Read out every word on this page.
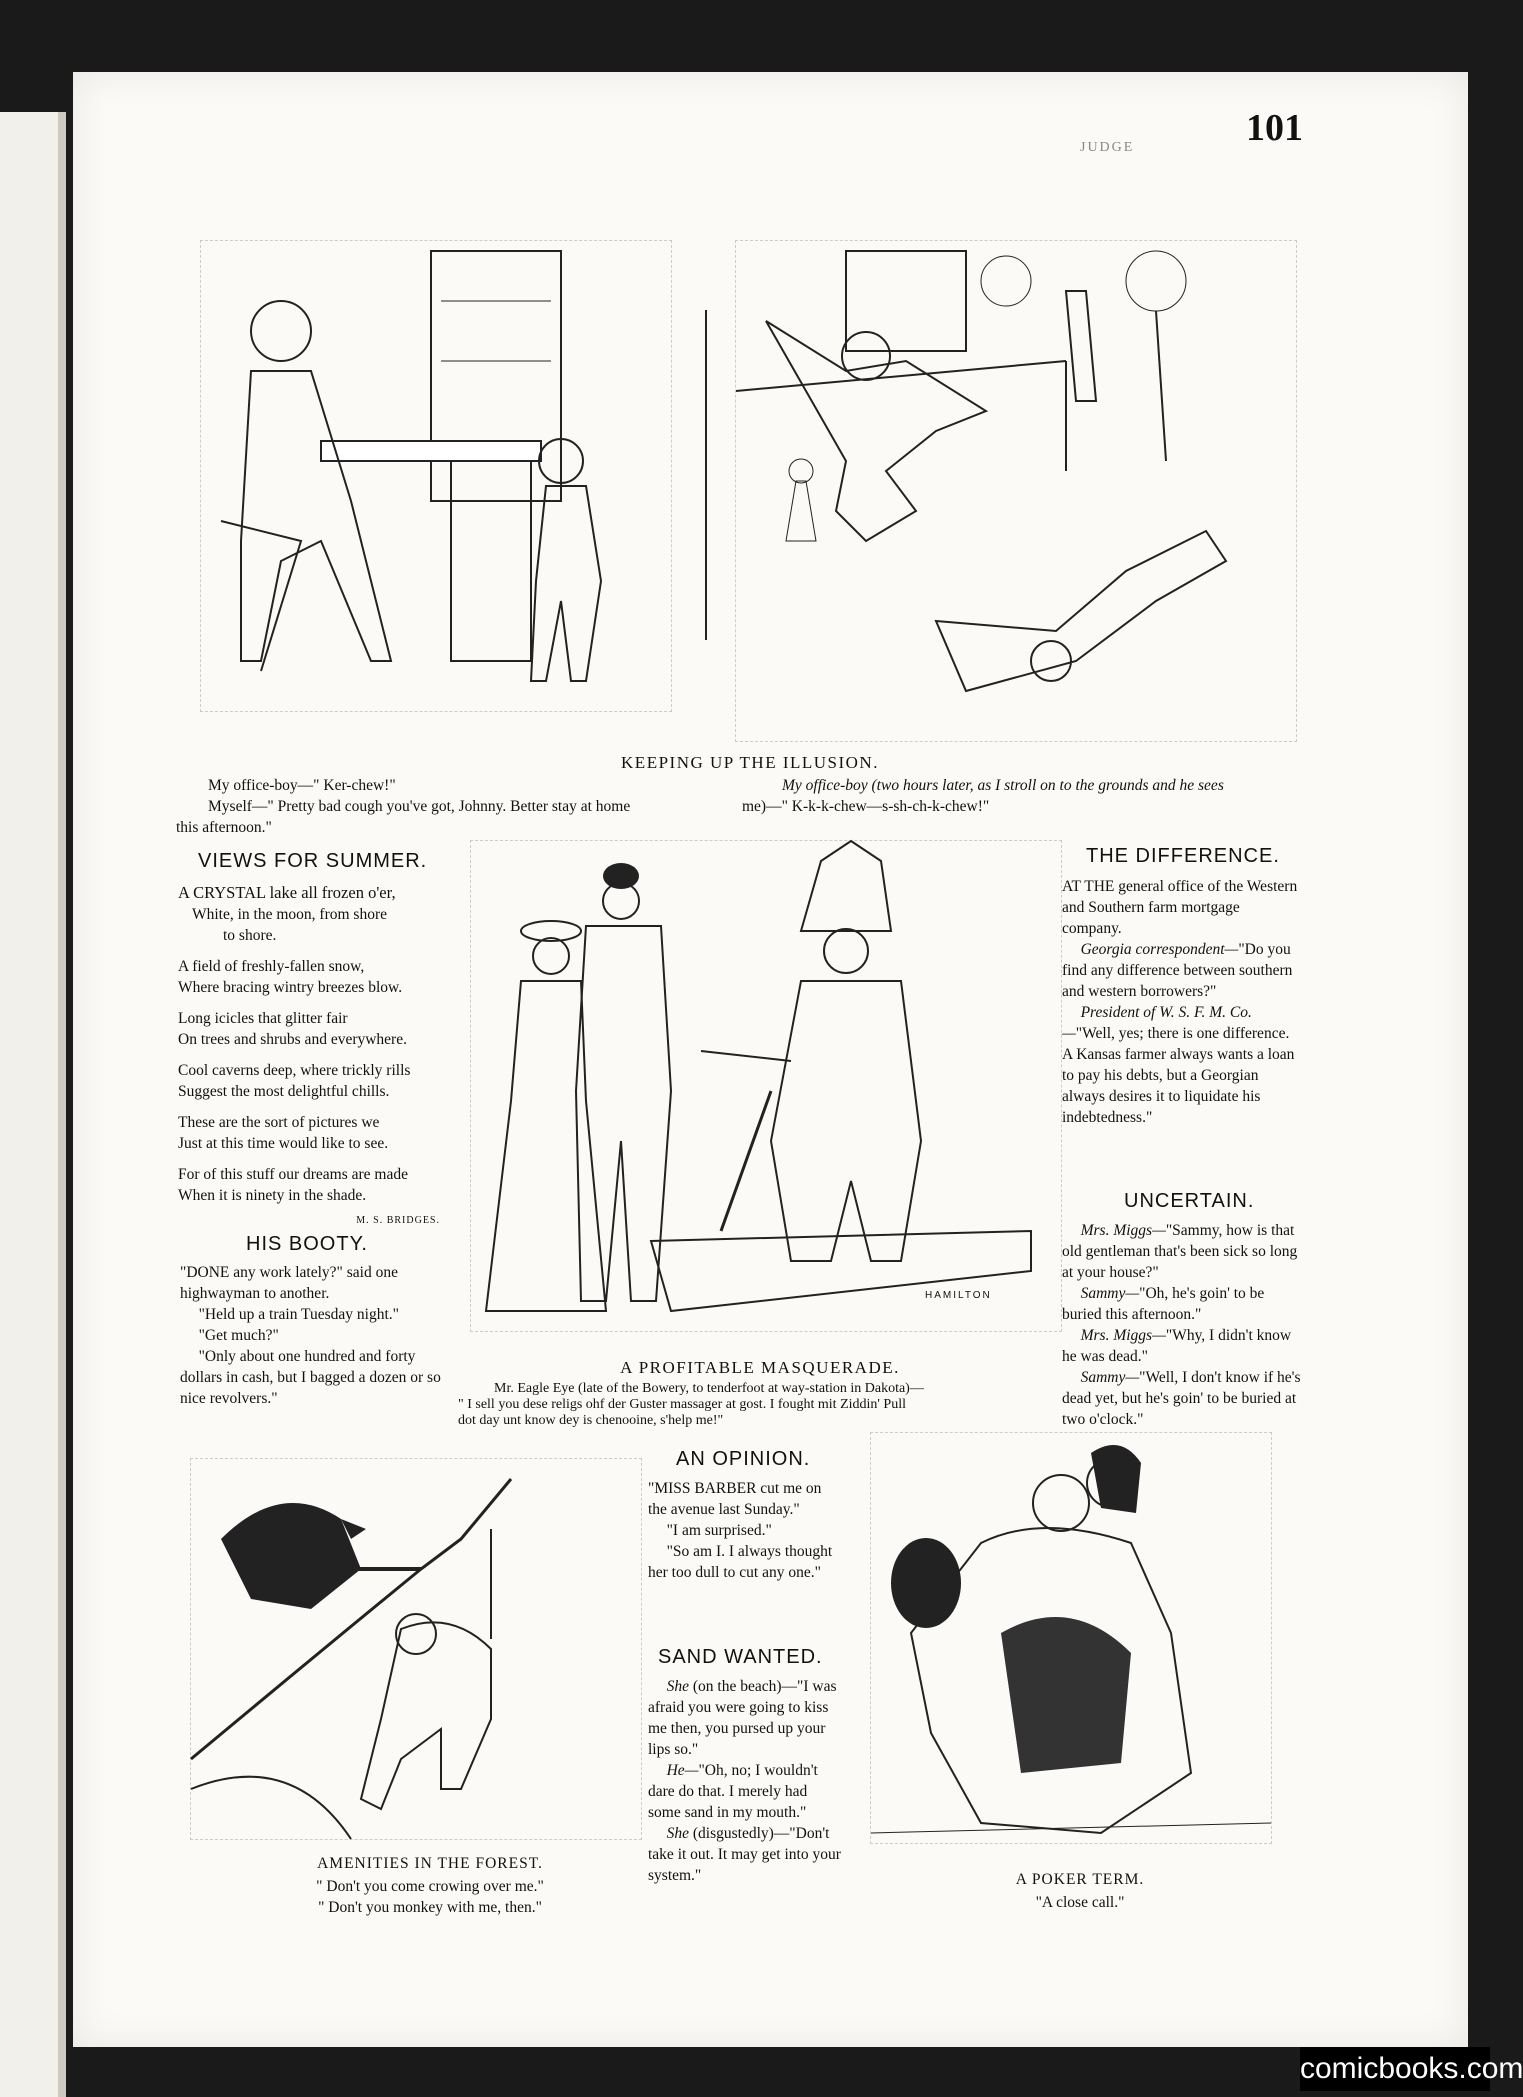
101
JUDGE
KEEPING UP THE ILLUSION.
My office-boy—" Ker-chew!"
Myself—" Pretty bad cough you've got, Johnny. Better stay at home
this afternoon."
My office-boy (two hours later, as I stroll on to the grounds and he sees
me)—" K-k-k-chew—s-sh-ch-k-chew!"
VIEWS FOR SUMMER.

A CRYSTAL lake all frozen o'er,
White, in the moon, from shore
to shore.

A field of freshly-fallen snow,
Where bracing wintry breezes blow.

Long icicles that glitter fair
On trees and shrubs and everywhere.

Cool caverns deep, where trickly rills
Suggest the most delightful chills.

These are the sort of pictures we
Just at this time would like to see.

For of this stuff our dreams are made
When it is ninety in the shade.

M. S. BRIDGES.
HIS BOOTY.

"DONE any work lately?" said one highwayman to another.

"Held up a train Tuesday night."

"Get much?"

"Only about one hundred and forty dollars in cash, but I bagged a dozen or so nice revolvers."

HAMILTON
A PROFITABLE MASQUERADE.
Mr. Eagle Eye (late of the Bowery, to tenderfoot at way-station in Dakota)—
" I sell you dese religs ohf der Guster massager at gost. I fought mit Ziddin' Pull
dot day unt know dey is chenooine, s'help me!"
THE DIFFERENCE.

AT THE general office of the Western and Southern farm mortgage company.

Georgia correspondent—"Do you find any difference between southern and western borrowers?"

President of W. S. F. M. Co.—"Well, yes; there is one difference. A Kansas farmer always wants a loan to pay his debts, but a Georgian always desires it to liquidate his indebtedness."

UNCERTAIN.

Mrs. Miggs—"Sammy, how is that old gentleman that's been sick so long at your house?"

Sammy—"Oh, he's goin' to be buried this afternoon."

Mrs. Miggs—"Why, I didn't know he was dead."

Sammy—"Well, I don't know if he's dead yet, but he's goin' to be buried at two o'clock."

AMENITIES IN THE FOREST.
" Don't you come crowing over me."
" Don't you monkey with me, then."
AN OPINION.

"MISS BARBER cut me on the avenue last Sunday."

"I am surprised."

"So am I. I always thought her too dull to cut any one."

SAND WANTED.

She (on the beach)—"I was afraid you were going to kiss me then, you pursed up your lips so."

He—"Oh, no; I wouldn't dare do that. I merely had some sand in my mouth."

She (disgustedly)—"Don't take it out. It may get into your system."	A POKER TERM.
"A close call."
comicbooks.com
